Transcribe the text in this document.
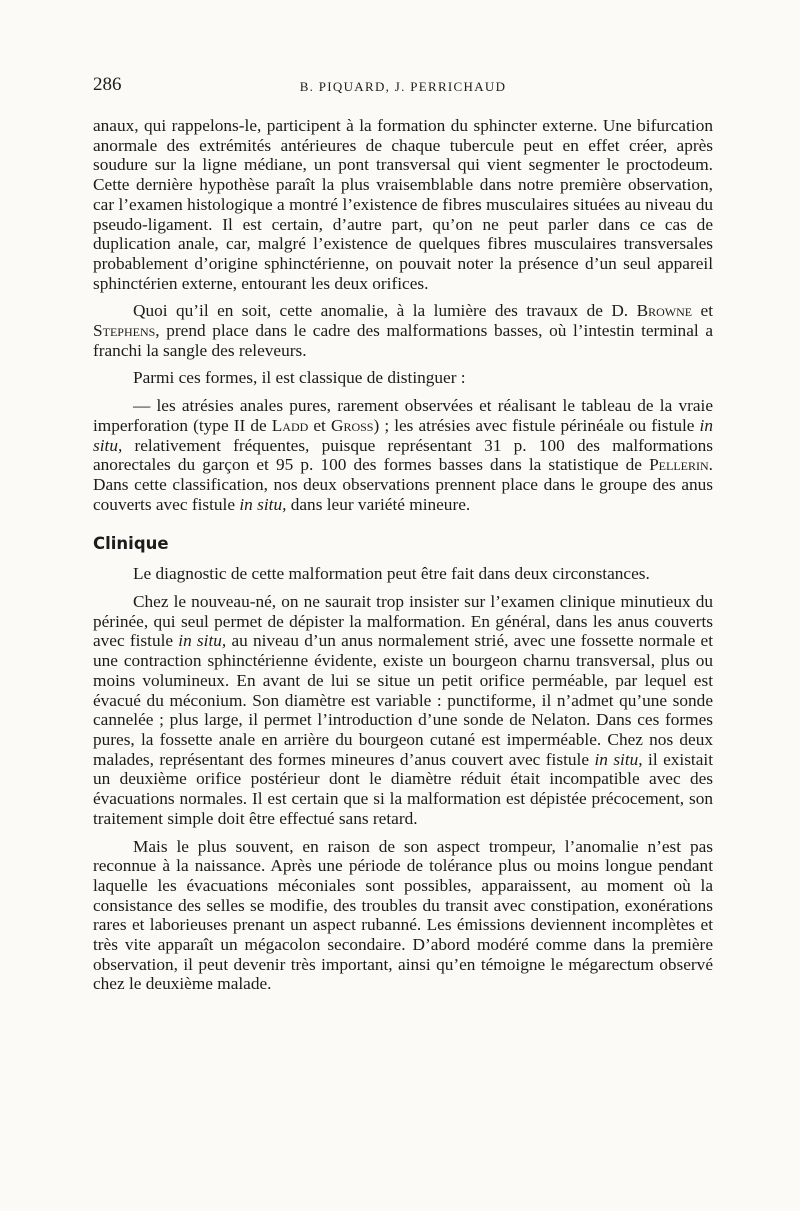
286	B. PIQUARD, J. PERRICHAUD

anaux, qui rappelons-le, participent à la formation du sphincter externe. Une bifurcation anormale des extrémités antérieures de chaque tubercule peut en effet créer, après soudure sur la ligne médiane, un pont transversal qui vient segmenter le proctodeum. Cette dernière hypothèse paraît la plus vraisemblable dans notre première observation, car l’examen histologique a montré l’existence de fibres musculaires situées au niveau du pseudo-ligament. Il est certain, d’autre part, qu’on ne peut parler dans ce cas de duplication anale, car, malgré l’existence de quelques fibres musculaires transversales probablement d’origine sphinctérienne, on pouvait noter la présence d’un seul appareil sphinctérien externe, entourant les deux orifices.

Quoi qu’il en soit, cette anomalie, à la lumière des travaux de D. Browne et Stephens, prend place dans le cadre des malformations basses, où l’intestin terminal a franchi la sangle des releveurs.

Parmi ces formes, il est classique de distinguer :

— les atrésies anales pures, rarement observées et réalisant le tableau de la vraie imperforation (type II de Ladd et Gross) ; les atrésies avec fistule périnéale ou fistule in situ, relativement fréquentes, puisque représentant 31 p. 100 des malformations anorectales du garçon et 95 p. 100 des formes basses dans la statistique de Pellerin. Dans cette classification, nos deux observations prennent place dans le groupe des anus couverts avec fistule in situ, dans leur variété mineure.

Clinique

Le diagnostic de cette malformation peut être fait dans deux circonstances.

Chez le nouveau-né, on ne saurait trop insister sur l’examen clinique minutieux du périnée, qui seul permet de dépister la malformation. En général, dans les anus couverts avec fistule in situ, au niveau d’un anus normalement strié, avec une fossette normale et une contraction sphinctérienne évidente, existe un bourgeon charnu transversal, plus ou moins volumineux. En avant de lui se situe un petit orifice perméable, par lequel est évacué du méconium. Son diamètre est variable : punctiforme, il n’admet qu’une sonde cannelée ; plus large, il permet l’introduction d’une sonde de Nelaton. Dans ces formes pures, la fossette anale en arrière du bourgeon cutané est imperméable. Chez nos deux malades, représentant des formes mineures d’anus couvert avec fistule in situ, il existait un deuxième orifice postérieur dont le diamètre réduit était incompatible avec des évacuations normales. Il est certain que si la malformation est dépistée précocement, son traitement simple doit être effectué sans retard.

Mais le plus souvent, en raison de son aspect trompeur, l’anomalie n’est pas reconnue à la naissance. Après une période de tolérance plus ou moins longue pendant laquelle les évacuations méconiales sont possibles, apparaissent, au moment où la consistance des selles se modifie, des troubles du transit avec constipation, exonérations rares et laborieuses prenant un aspect rubanné. Les émissions deviennent incomplètes et très vite apparaît un mégacolon secondaire. D’abord modéré comme dans la première observation, il peut devenir très important, ainsi qu’en témoigne le mégarectum observé chez le deuxième malade.
